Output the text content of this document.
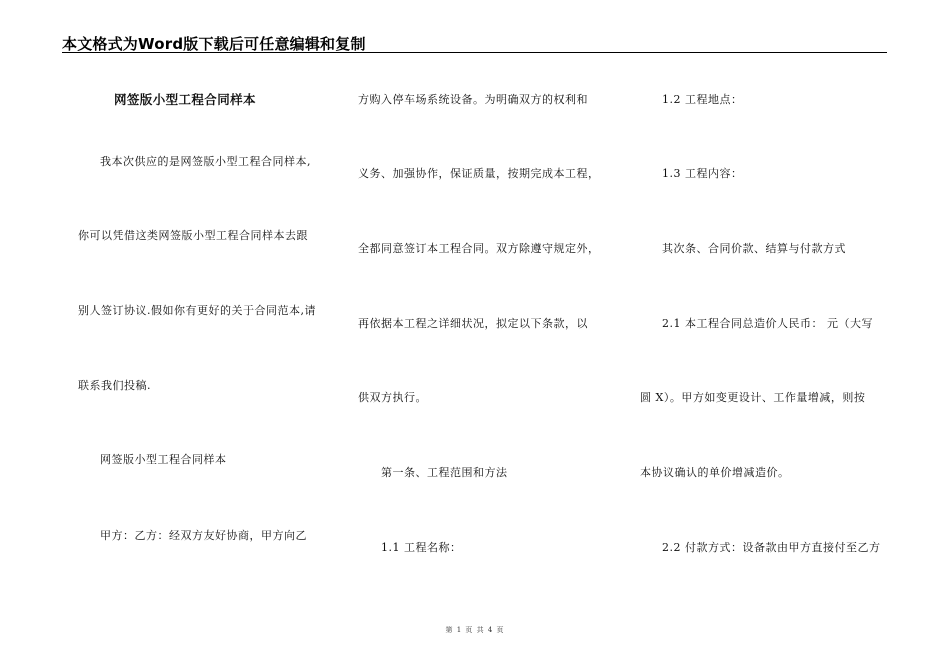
本文格式为Word版下载后可任意编辑和复制
网签版小型工程合同样本
我本次供应的是网签版小型工程合同样本,
你可以凭借这类网签版小型工程合同样本去跟
别人签订协议.假如你有更好的关于合同范本,请
联系我们投稿.
网签版小型工程合同样本
甲方：乙方：经双方友好协商，甲方向乙
方购入停车场系统设备。为明确双方的权利和
义务、加强协作，保证质量，按期完成本工程，
全都同意签订本工程合同。双方除遵守规定外，
再依据本工程之详细状况，拟定以下条款，以
供双方执行。
第一条、工程范围和方法
1.1 工程名称：
1.2 工程地点：
1.3 工程内容：
其次条、合同价款、结算与付款方式
2.1 本工程合同总造价人民币： 元（大写
圆 X）。甲方如变更设计、工作量增减，则按
本协议确认的单价增减造价。
2.2 付款方式：设备款由甲方直接付至乙方
第 1 页 共 4 页
